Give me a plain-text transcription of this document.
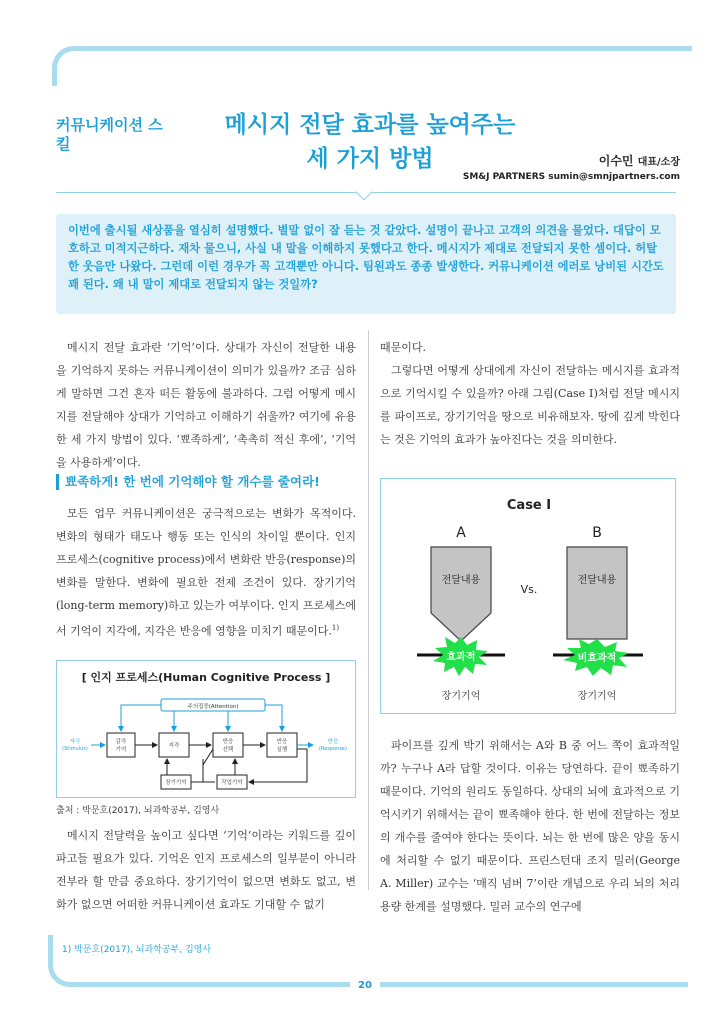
커뮤니케이션 스킬
메시지 전달 효과를 높여주는
세 가지 방법	이수민 대표/소장
SM&J PARTNERS sumin@smnjpartners.com
이번에 출시될 새상품을 열심히 설명했다. 별말 없이 잘 듣는 것 같았다. 설명이 끝나고 고객의 의견을 물었다. 대답이 모호하고 미적지근하다. 재차 물으니, 사실 내 말을 이해하지 못했다고 한다. 메시지가 제대로 전달되지 못한 셈이다. 허탈한 웃음만 나왔다. 그런데 이런 경우가 꼭 고객뿐만 아니다. 팀원과도 종종 발생한다. 커뮤니케이션 에러로 낭비된 시간도 꽤 된다. 왜 내 말이 제대로 전달되지 않는 것일까?

메시지 전달 효과란 ‘기억’이다. 상대가 자신이 전달한 내용을 기억하지 못하는 커뮤니케이션이 의미가 있을까? 조금 심하게 말하면 그건 혼자 떠든 활동에 불과하다. 그럼 어떻게 메시지를 전달해야 상대가 기억하고 이해하기 쉬울까? 여기에 유용한 세 가지 방법이 있다. ‘뾰족하게’, ‘촉촉히 적신 후에’, ‘기억을 사용하게’이다.

뾰족하게! 한 번에 기억해야 할 개수를 줄여라!

모든 업무 커뮤니케이션은 궁극적으로는 변화가 목적이다. 변화의 형태가 태도나 행동 또는 인식의 차이일 뿐이다. 인지 프로세스(cognitive process)에서 변화란 반응(response)의 변화를 말한다. 변화에 필요한 전제 조건이 있다. 장기기억(long-term memory)하고 있는가 여부이다. 인지 프로세스에서 기억이 지각에, 지각은 반응에 영향을 미치기 때문이다.$^{1)}$

[ 인지 프로세스(Human Cognitive Process ]
주의집중(Attention)
자극
(Stimulus)
감각
기억
지각
반응
선택
반응
실행
반응
(Response)
장기기억	작업기억
출처 : 박문호(2017), 뇌과학공부, 김영사

메시지 전달력을 높이고 싶다면 ‘기억’이라는 키워드를 깊이 파고들 필요가 있다. 기억은 인지 프로세스의 일부분이 아니라 전부라 할 만큼 중요하다. 장기기억이 없으면 변화도 없고, 변화가 없으면 어떠한 커뮤니케이션 효과도 기대할 수 없기

때문이다.

그렇다면 어떻게 상대에게 자신이 전달하는 메시지를 효과적으로 기억시킬 수 있을까? 아래 그림(Case Ⅰ)처럼 전달 메시지를 파이프로, 장기기억을 땅으로 비유해보자. 땅에 깊게 박힌다는 것은 기억의 효과가 높아진다는 것을 의미한다.

Case Ⅰ
A	B
전달내용	전달내용
Vs.
효과적	비효과적
장기기억	장기기억

파이프를 깊게 박기 위해서는 A와 B 중 어느 쪽이 효과적일까? 누구나 A라 답할 것이다. 이유는 당연하다. 끝이 뾰족하기 때문이다. 기억의 원리도 동일하다. 상대의 뇌에 효과적으로 기억시키기 위해서는 끝이 뾰족해야 한다. 한 번에 전달하는 정보의 개수를 줄여야 한다는 뜻이다. 뇌는 한 번에 많은 양을 동시에 처리할 수 없기 때문이다. 프린스턴대 조지 밀러(George A. Miller) 교수는 ‘매직 넘버 7’이란 개념으로 우리 뇌의 처리 용량 한계를 설명했다. 밀러 교수의 연구에

1) 박문호(2017), 뇌과학공부, 김영사
20
